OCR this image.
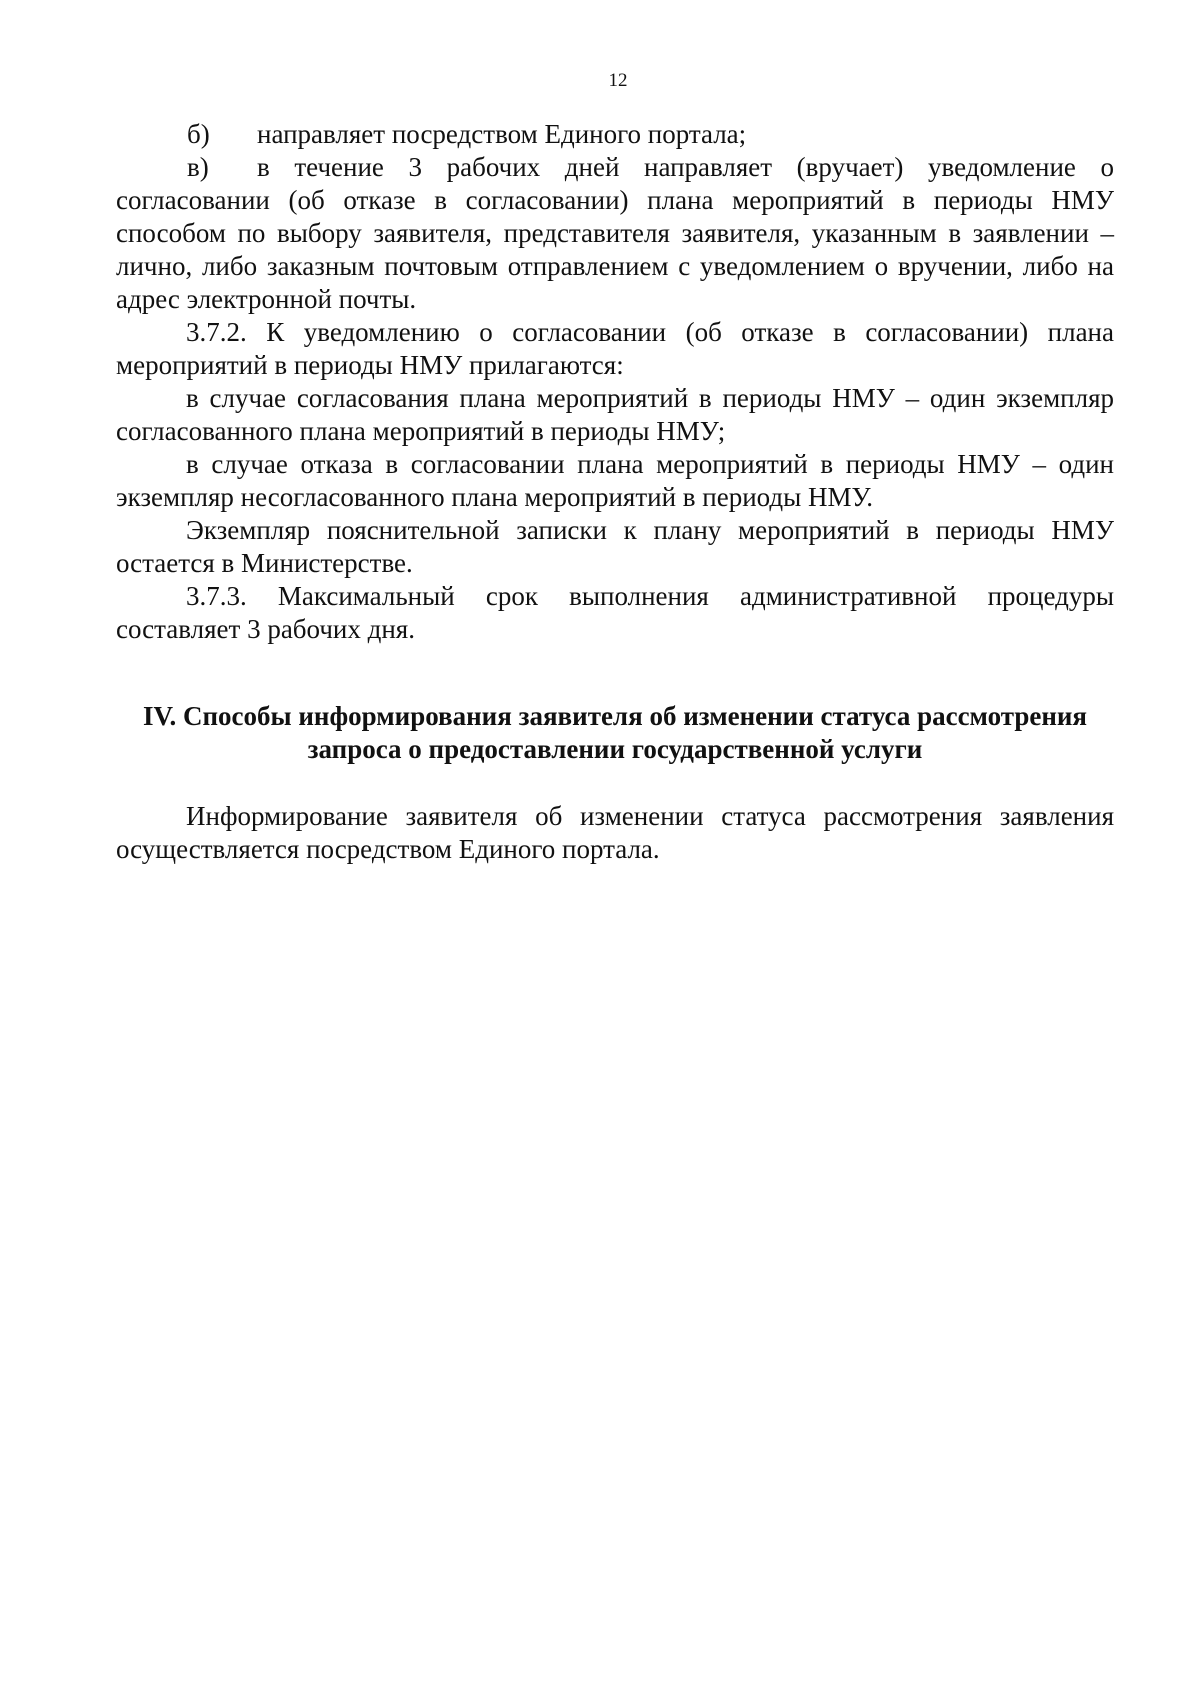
12

б) направляет посредством Единого портала;

в) в течение 3 рабочих дней направляет (вручает) уведомление о согласовании (об отказе в согласовании) плана мероприятий в периоды НМУ способом по выбору заявителя, представителя заявителя, указанным в заявлении – лично, либо заказным почтовым отправлением с уведомлением о вручении, либо на адрес электронной почты.

3.7.2. К уведомлению о согласовании (об отказе в согласовании) плана мероприятий в периоды НМУ прилагаются:

в случае согласования плана мероприятий в периоды НМУ – один экземпляр согласованного плана мероприятий в периоды НМУ;

в случае отказа в согласовании плана мероприятий в периоды НМУ – один экземпляр несогласованного плана мероприятий в периоды НМУ.

Экземпляр пояснительной записки к плану мероприятий в периоды НМУ остается в Министерстве.

3.7.3. Максимальный срок выполнения административной процедуры составляет 3 рабочих дня.

IV. Способы информирования заявителя об изменении статуса рассмотрения
запроса о предоставлении государственной услуги

Информирование заявителя об изменении статуса рассмотрения заявления осуществляется посредством Единого портала.
